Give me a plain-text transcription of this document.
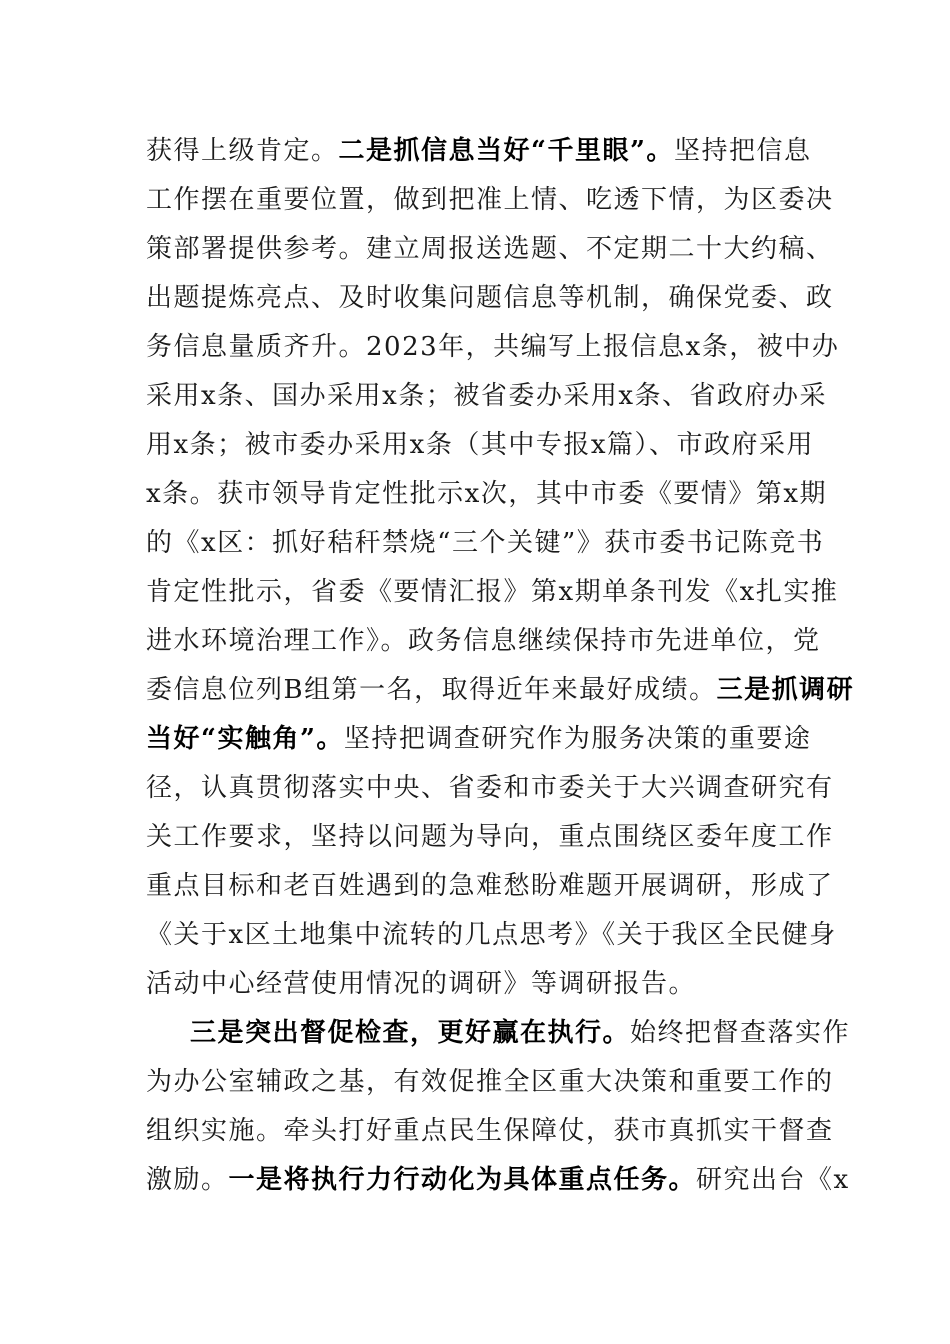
获得上级肯定。二是抓信息当好“千里眼”。坚持把信息
工作摆在重要位置，做到把准上情、吃透下情，为区委决
策部署提供参考。建立周报送选题、不定期二十大约稿、
出题提炼亮点、及时收集问题信息等机制，确保党委、政
务信息量质齐升。2023年，共编写上报信息x条，被中办
采用x条、国办采用x条；被省委办采用x条、省政府办采
用x条；被市委办采用x条（其中专报x篇）、市政府采用
x条。获市领导肯定性批示x次，其中市委《要情》第x期
的《x区：抓好秸秆禁烧“三个关键”》获市委书记陈竞书
肯定性批示，省委《要情汇报》第x期单条刊发《x扎实推
进水环境治理工作》。政务信息继续保持市先进单位，党
委信息位列B组第一名，取得近年来最好成绩。三是抓调研
当好“实触角”。坚持把调查研究作为服务决策的重要途
径，认真贯彻落实中央、省委和市委关于大兴调查研究有
关工作要求，坚持以问题为导向，重点围绕区委年度工作
重点目标和老百姓遇到的急难愁盼难题开展调研，形成了
《关于x区土地集中流转的几点思考》《关于我区全民健身
活动中心经营使用情况的调研》等调研报告。
三是突出督促检查，更好赢在执行。始终把督查落实作
为办公室辅政之基，有效促推全区重大决策和重要工作的
组织实施。牵头打好重点民生保障仗，获市真抓实干督查
激励。一是将执行力行动化为具体重点任务。研究出台《x
